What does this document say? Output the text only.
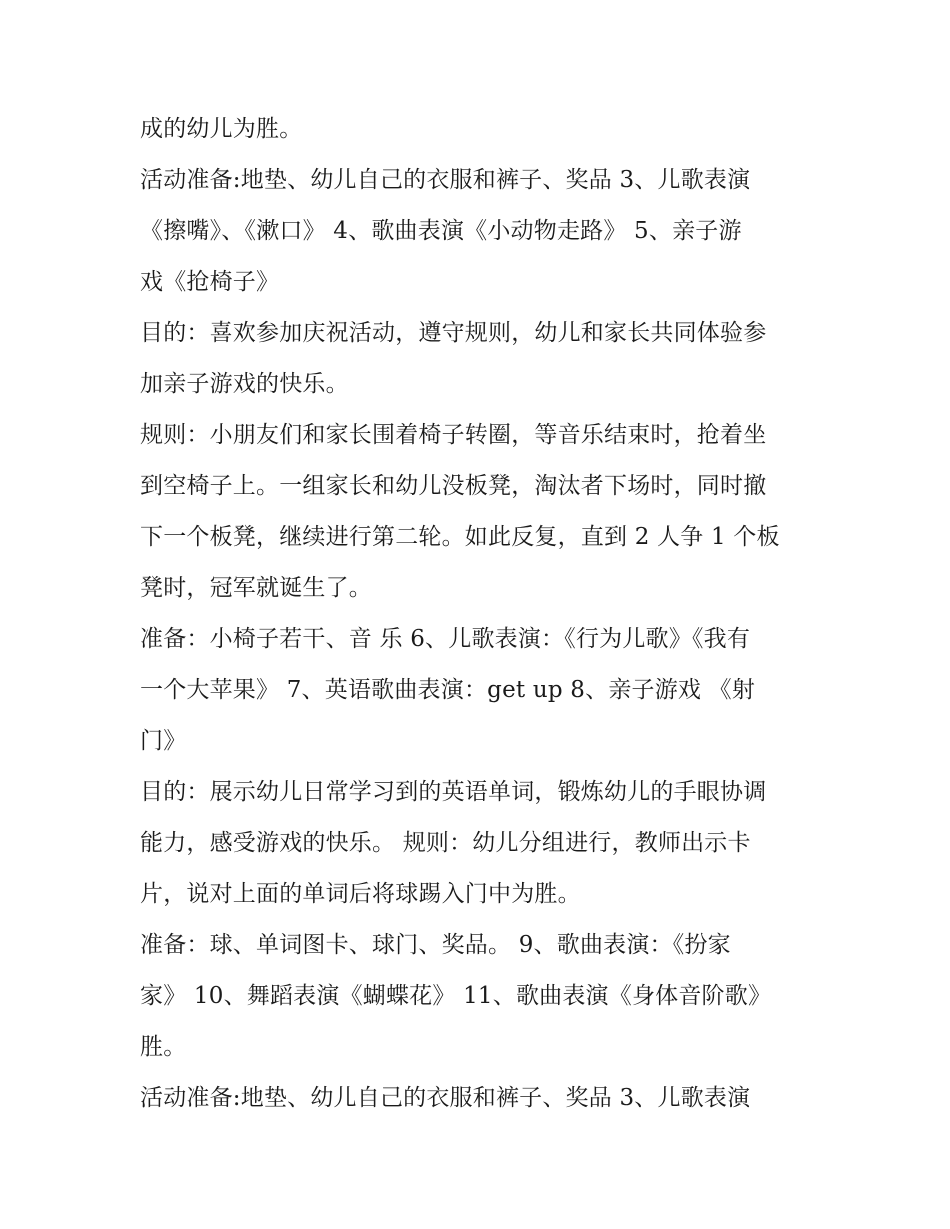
成的幼儿为胜。
活动准备:地垫、幼儿自己的衣服和裤子、奖品 3、儿歌表演
《擦嘴》、《漱口》 4、歌曲表演《小动物走路》 5、亲子游
戏《抢椅子》
目的：喜欢参加庆祝活动，遵守规则，幼儿和家长共同体验参
加亲子游戏的快乐。
规则：小朋友们和家长围着椅子转圈，等音乐结束时，抢着坐
到空椅子上。一组家长和幼儿没板凳，淘汰者下场时，同时撤
下一个板凳，继续进行第二轮。如此反复，直到 2 人争 1 个板
凳时，冠军就诞生了。
准备：小椅子若干、音 乐 6、儿歌表演：《行为儿歌》《我有
一个大苹果》 7、英语歌曲表演：get up 8、亲子游戏 《射
门》
目的：展示幼儿日常学习到的英语单词，锻炼幼儿的手眼协调
能力，感受游戏的快乐。 规则：幼儿分组进行，教师出示卡
片，说对上面的单词后将球踢入门中为胜。
准备：球、单词图卡、球门、奖品。 9、歌曲表演：《扮家
家》 10、舞蹈表演《蝴蝶花》 11、歌曲表演《身体音阶歌》
胜。
活动准备:地垫、幼儿自己的衣服和裤子、奖品 3、儿歌表演
